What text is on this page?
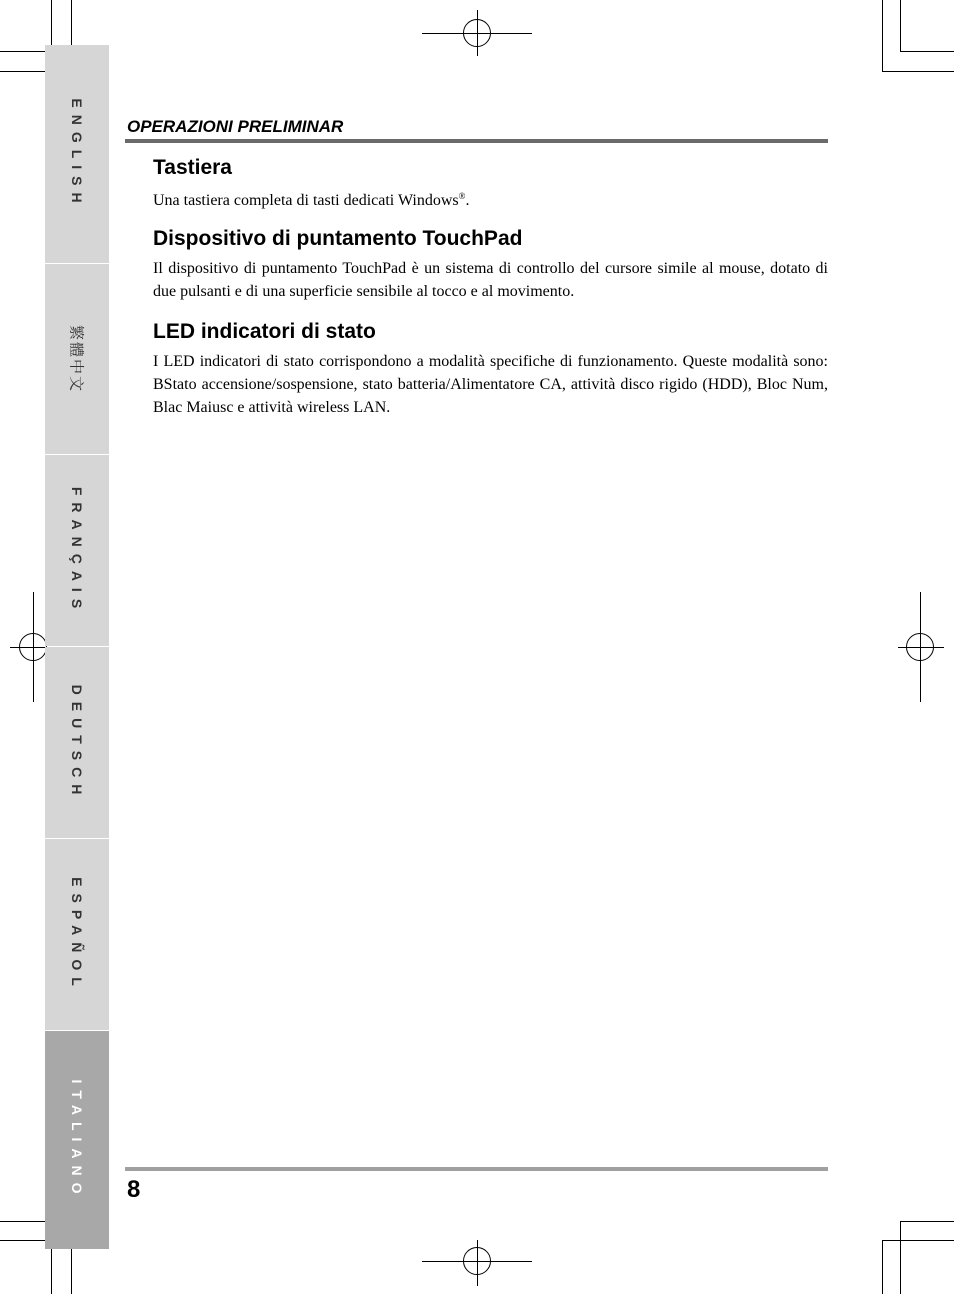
ENGLISH
繁體中文
FRANÇAIS
DEUTSCH
ESPAÑOL
ITALIANO
OPERAZIONI PRELIMINAR
Tastiera

Una tastiera completa di tasti dedicati Windows®.

Dispositivo di puntamento TouchPad

Il dispositivo di puntamento TouchPad è un sistema di controllo del cursore simile al mouse, dotato di due pulsanti e di una superficie sensibile al tocco e al movimento.

LED indicatori di stato

I LED indicatori di stato corrispondono a modalità specifiche di funzionamento. Queste modalità sono: BStato accensione/sospensione, stato batteria/Alimentatore CA, attività disco rigido (HDD), Bloc Num, Blac Maiusc e attività wireless LAN.

8
